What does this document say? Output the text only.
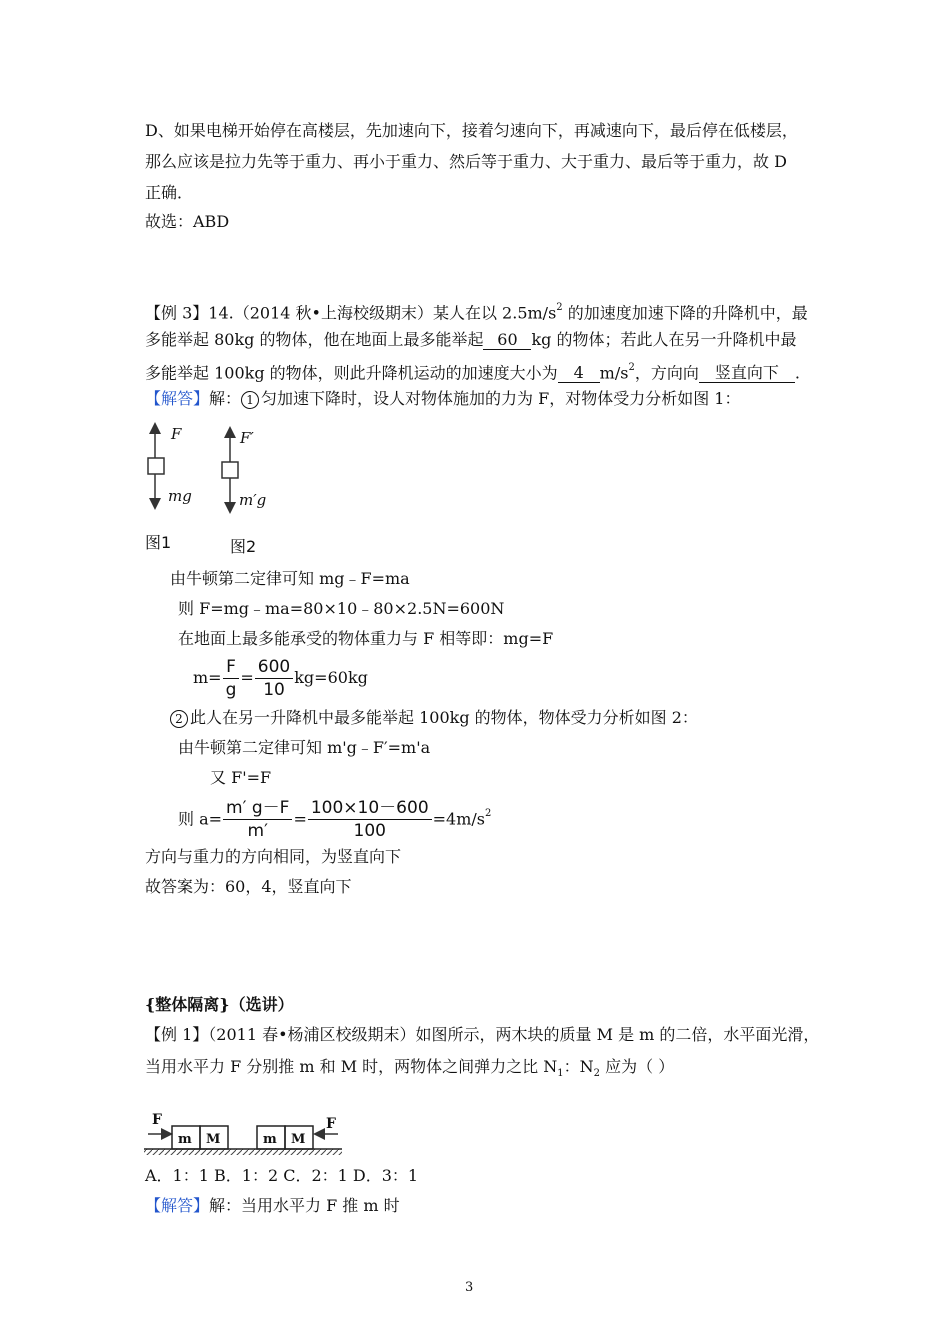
D、如果电梯开始停在高楼层，先加速向下，接着匀速向下，再减速向下，最后停在低楼层，
那么应该是拉力先等于重力、再小于重力、然后等于重力、大于重力、最后等于重力，故 D
正确．
故选：ABD
【例 3】14.（2014 秋•上海校级期末）某人在以 $2.5m/s^2$ 的加速度加速下降的升降机中，最
多能举起 80kg 的物体，他在地面上最多能举起 60 kg 的物体；若此人在另一升降机中最
多能举起 100kg 的物体，则此升降机运动的加速度大小为 4 $m/s^2$，方向向 竖直向下 .
【解答】解： 1 匀加速下降时，设人对物体施加的力为 F，对物体受力分析如图 1：
F
mg
F′
m′g
图1	图2
由牛顿第二定律可知 mg﹣F=ma
则 F=mg﹣ma=80×10﹣80×2.5N=600N
在地面上最多能承受的物体重力与 F 相等即：mg=F
$m= \frac{F}{g} = \frac{600}{10} kg=60kg$
2 此人在另一升降机中最多能举起 100kg 的物体，物体受力分析如图 2：
由牛顿第二定律可知 m'g﹣F′=m'a
又 F'=F
则 $a= \frac{m' g-F}{m'} = \frac{100\times 10-600}{100} =4m/s^2$
方向与重力的方向相同，为竖直向下
故答案为：60，4，竖直向下
{整体隔离}（选讲）
【例 1】（2011 春•杨浦区校级期末）如图所示，两木块的质量 M 是 m 的二倍，水平面光滑，
当用水平力 F 分别推 m 和 M 时，两物体之间弹力之比 $N_1$：$N_2$ 应为（ ）
F
m M	m M
F
A．1：1 B．1：2 C．2：1 D．3：1
【解答】解：当用水平力 F 推 m 时
3
